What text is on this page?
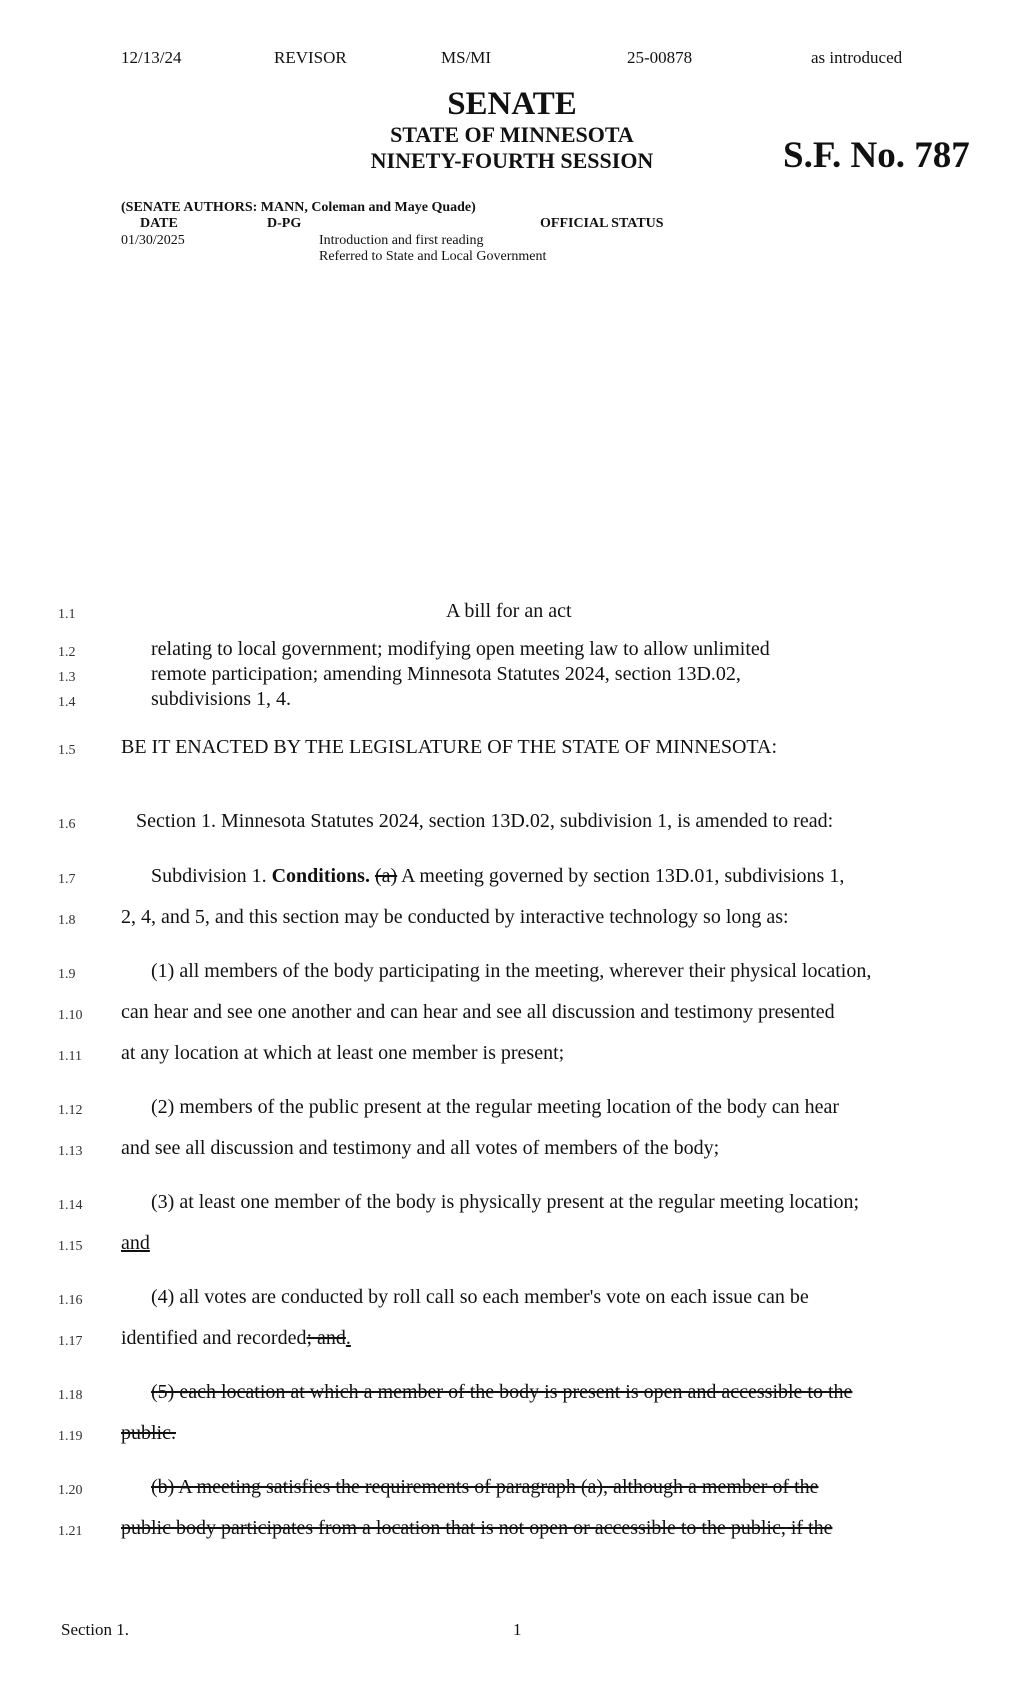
12/13/24	REVISOR	MS/MI	25-00878	as introduced
SENATE
STATE OF MINNESOTA
NINETY-FOURTH SESSION	S.F. No. 787
(SENATE AUTHORS: MANN, Coleman and Maye Quade)
DATE	D-PG	OFFICIAL STATUS
01/30/2025	Introduction and first reading
Referred to State and Local Government
1.1
1.2
1.3
1.4
1.5
1.6
1.7
1.8
1.9
1.10
1.11
1.12
1.13
1.14
1.15
1.16
1.17
1.18
1.19
1.20
1.21
A bill for an act
relating to local government; modifying open meeting law to allow unlimited
remote participation; amending Minnesota Statutes 2024, section 13D.02,
subdivisions 1, 4.
BE IT ENACTED BY THE LEGISLATURE OF THE STATE OF MINNESOTA:
Section 1. Minnesota Statutes 2024, section 13D.02, subdivision 1, is amended to read:
Subdivision 1. Conditions. (a) A meeting governed by section 13D.01, subdivisions 1,
2, 4, and 5, and this section may be conducted by interactive technology so long as:
(1) all members of the body participating in the meeting, wherever their physical location,
can hear and see one another and can hear and see all discussion and testimony presented
at any location at which at least one member is present;
(2) members of the public present at the regular meeting location of the body can hear
and see all discussion and testimony and all votes of members of the body;
(3) at least one member of the body is physically present at the regular meeting location;
and
(4) all votes are conducted by roll call so each member's vote on each issue can be
identified and recorded; and.
(5) each location at which a member of the body is present is open and accessible to the
public.
(b) A meeting satisfies the requirements of paragraph (a), although a member of the
public body participates from a location that is not open or accessible to the public, if the
Section 1.	1
